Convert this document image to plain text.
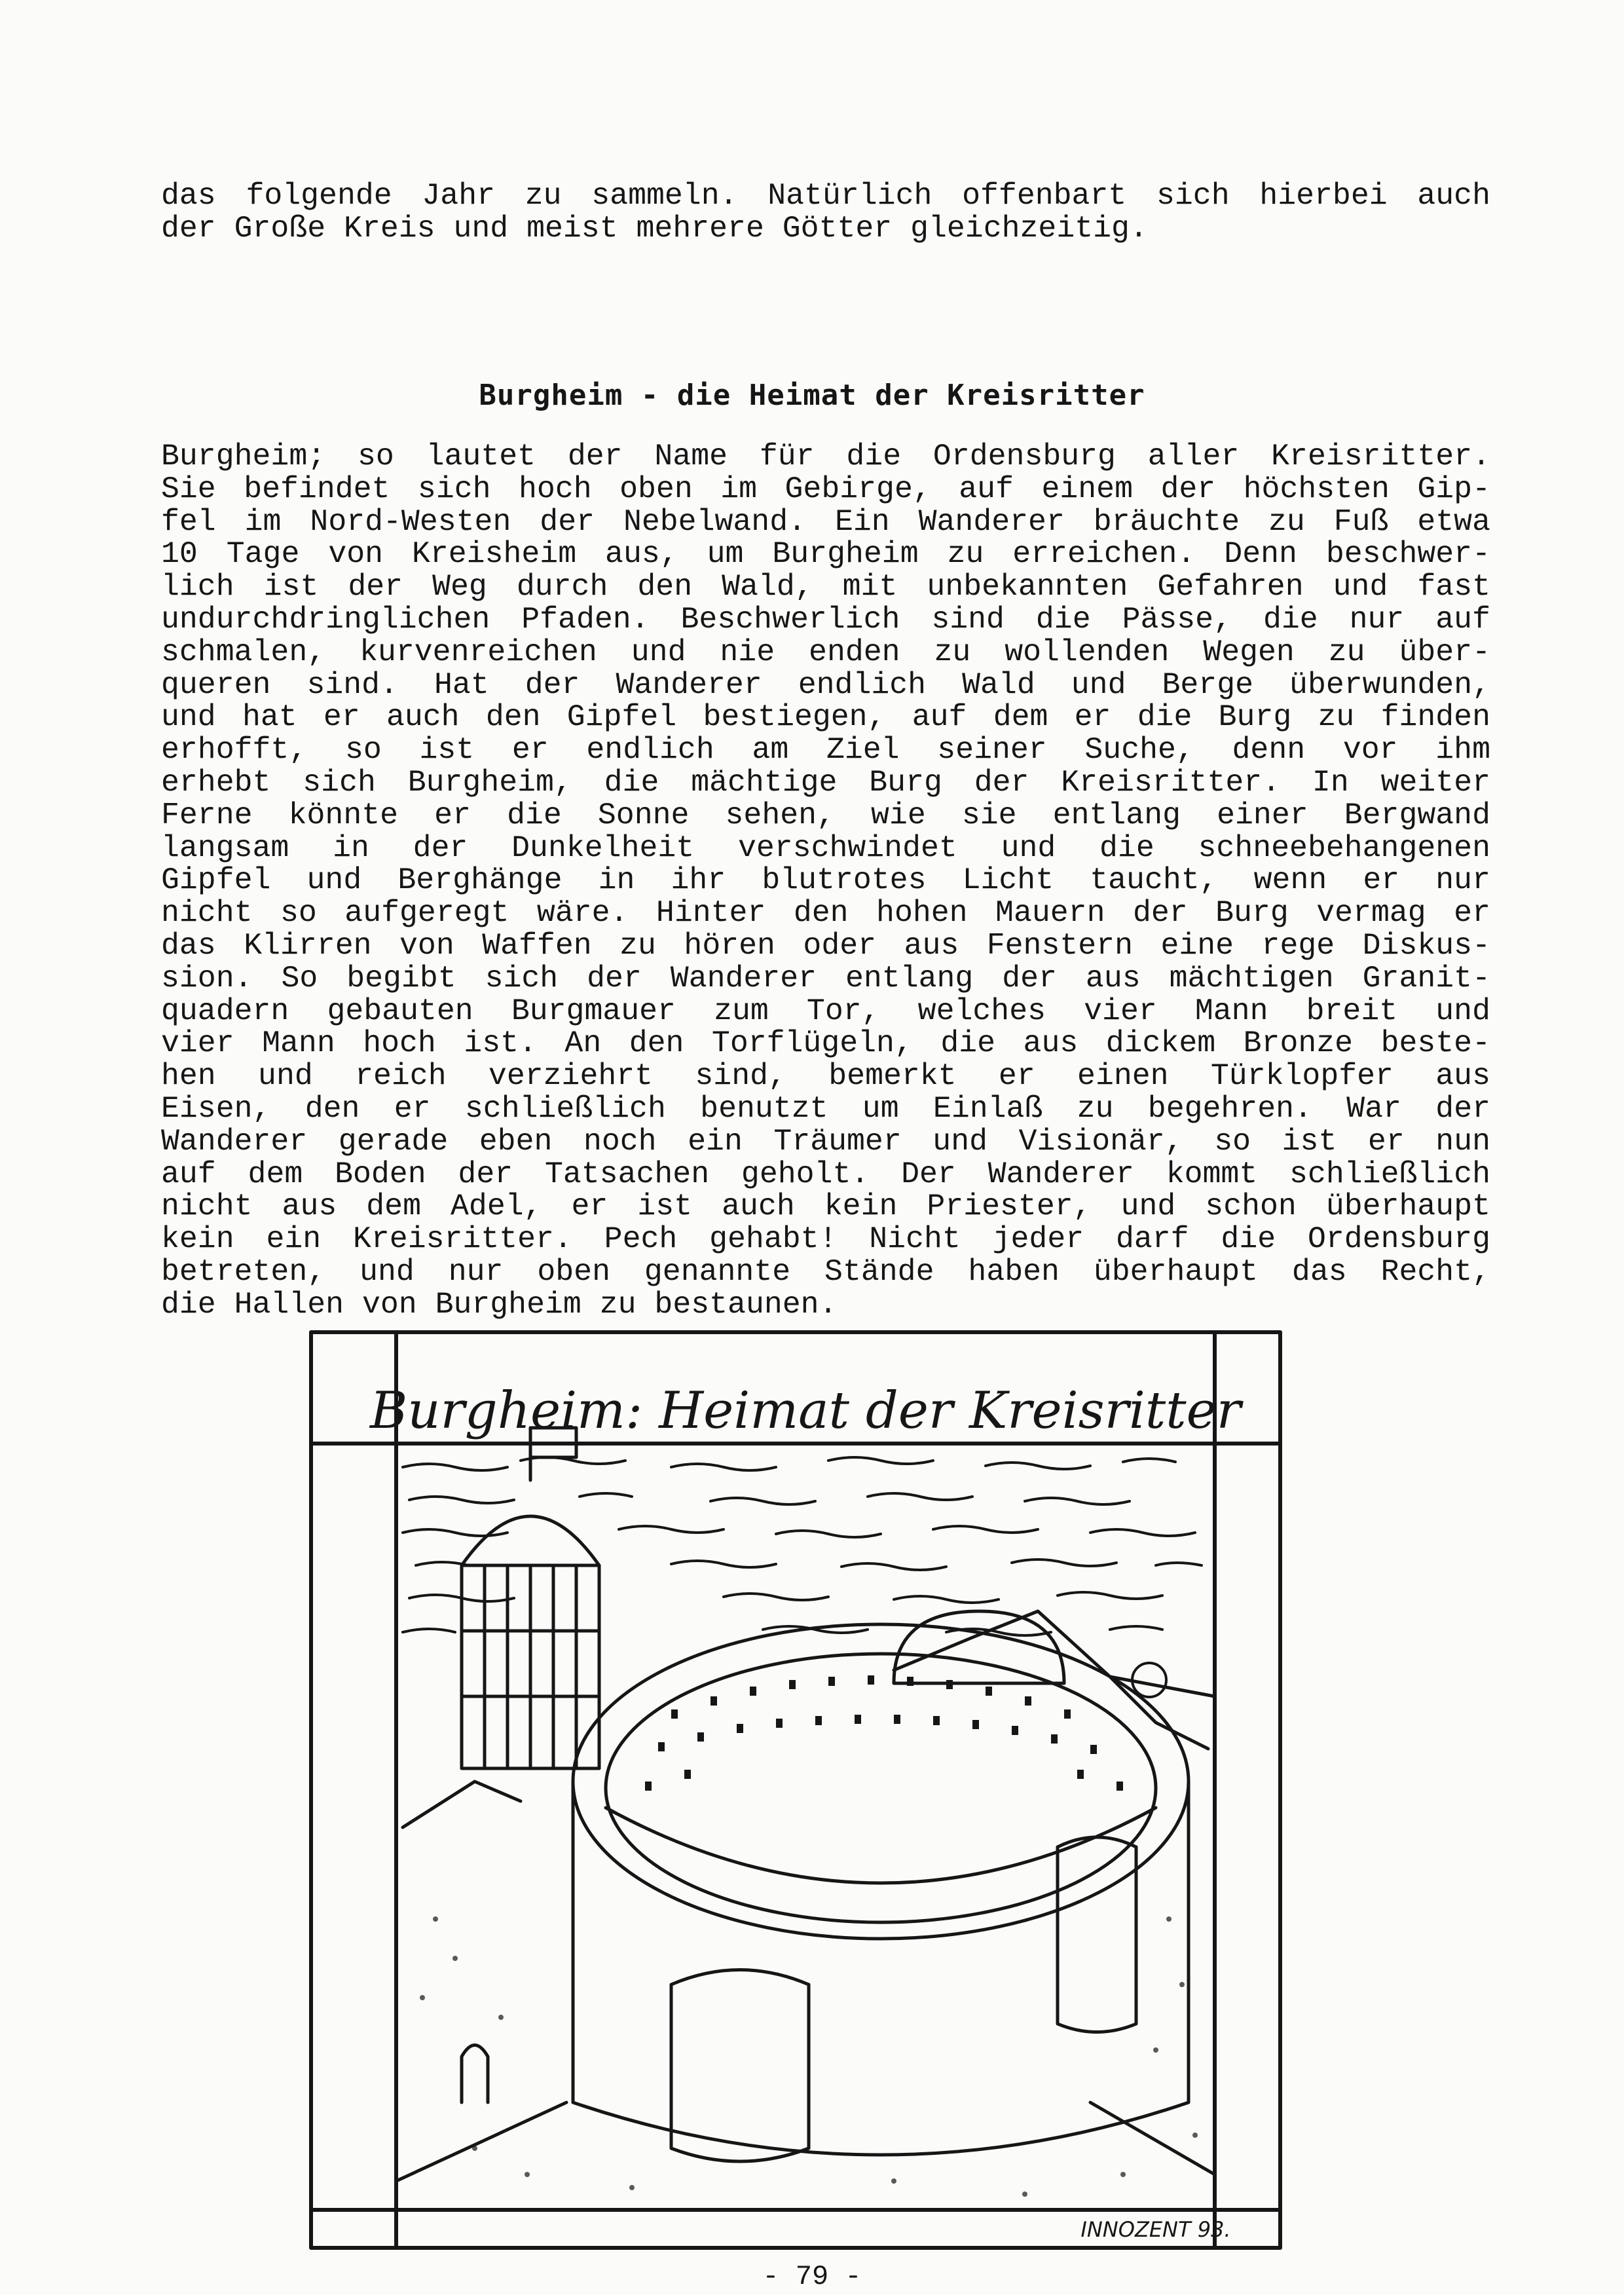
das folgende Jahr zu sammeln. Natürlich offenbart sich hierbei auch
der Große Kreis und meist mehrere Götter gleichzeitig.
Burgheim - die Heimat der Kreisritter
Burgheim; so lautet der Name für die Ordensburg aller Kreisritter.
Sie befindet sich hoch oben im Gebirge, auf einem der höchsten Gip-
fel im Nord-Westen der Nebelwand. Ein Wanderer bräuchte zu Fuß etwa
10 Tage von Kreisheim aus, um Burgheim zu erreichen. Denn beschwer-
lich ist der Weg durch den Wald, mit unbekannten Gefahren und fast
undurchdringlichen Pfaden. Beschwerlich sind die Pässe, die nur auf
schmalen, kurvenreichen und nie enden zu wollenden Wegen zu über-
queren sind. Hat der Wanderer endlich Wald und Berge überwunden,
und hat er auch den Gipfel bestiegen, auf dem er die Burg zu finden
erhofft, so ist er endlich am Ziel seiner Suche, denn vor ihm
erhebt sich Burgheim, die mächtige Burg der Kreisritter. In weiter
Ferne könnte er die Sonne sehen, wie sie entlang einer Bergwand
langsam in der Dunkelheit verschwindet und die schneebehangenen
Gipfel und Berghänge in ihr blutrotes Licht taucht, wenn er nur
nicht so aufgeregt wäre. Hinter den hohen Mauern der Burg vermag er
das Klirren von Waffen zu hören oder aus Fenstern eine rege Diskus-
sion. So begibt sich der Wanderer entlang der aus mächtigen Granit-
quadern gebauten Burgmauer zum Tor, welches vier Mann breit und
vier Mann hoch ist. An den Torflügeln, die aus dickem Bronze beste-
hen und reich verziehrt sind, bemerkt er einen Türklopfer aus
Eisen, den er schließlich benutzt um Einlaß zu begehren. War der
Wanderer gerade eben noch ein Träumer und Visionär, so ist er nun
auf dem Boden der Tatsachen geholt. Der Wanderer kommt schließlich
nicht aus dem Adel, er ist auch kein Priester, und schon überhaupt
kein ein Kreisritter. Pech gehabt! Nicht jeder darf die Ordensburg
betreten, und nur oben genannte Stände haben überhaupt das Recht,
die Hallen von Burgheim zu bestaunen.
Burgheim: Heimat der Kreisritter
INNOZENT 93.

- 79 -
